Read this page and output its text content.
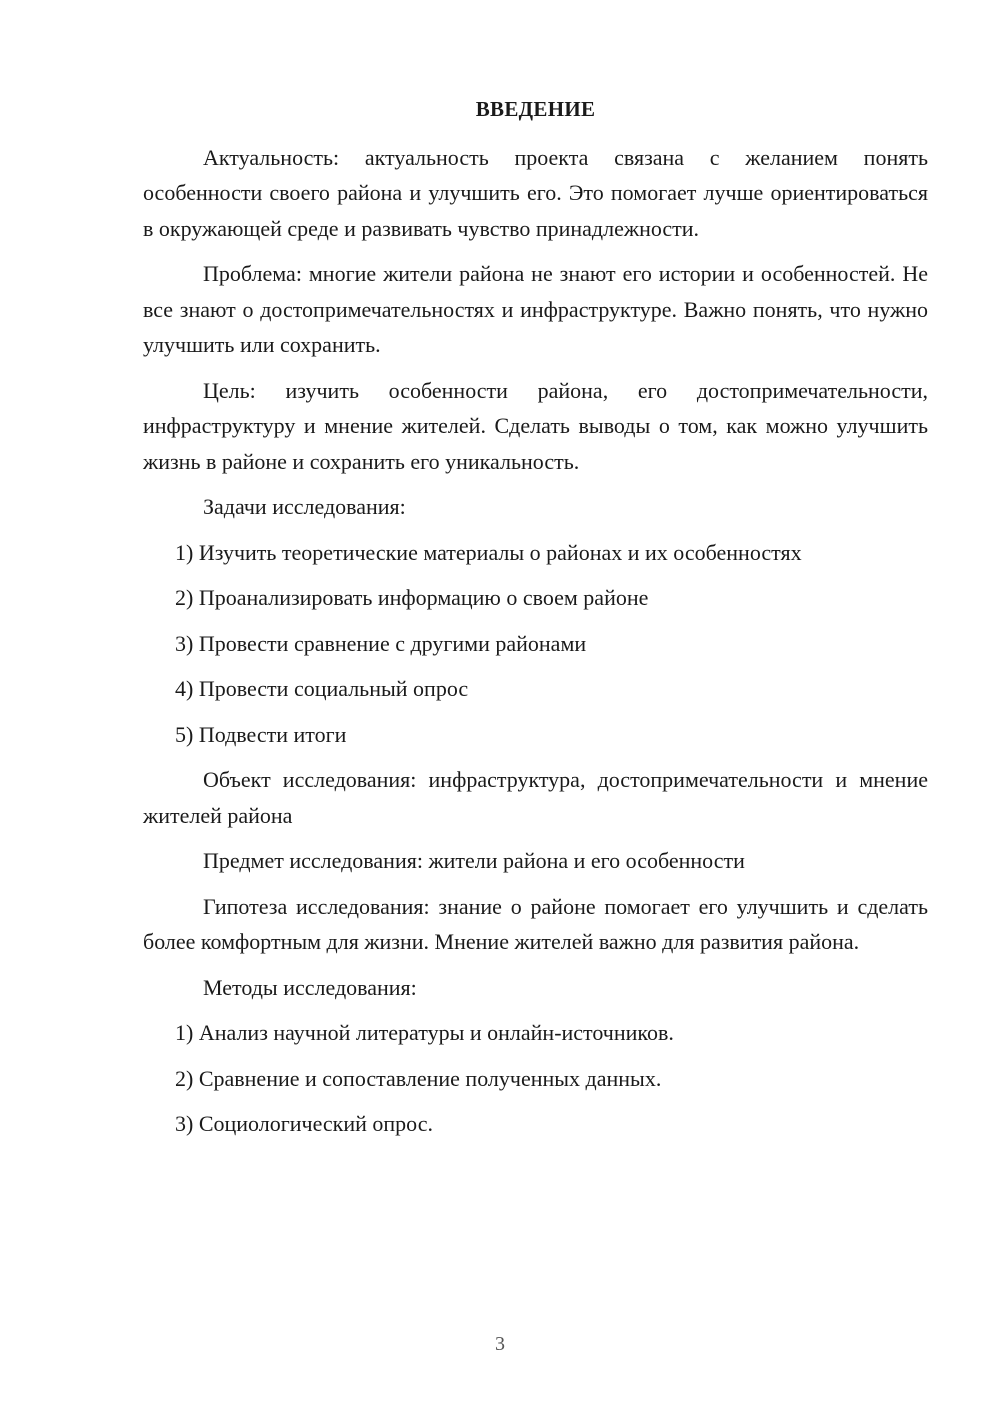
ВВЕДЕНИЕ

Актуальность: актуальность проекта связана с желанием понять особенности своего района и улучшить его. Это помогает лучше ориентироваться в окружающей среде и развивать чувство принадлежности.

Проблема: многие жители района не знают его истории и особенностей. Не все знают о достопримечательностях и инфраструктуре. Важно понять, что нужно улучшить или сохранить.

Цель: изучить особенности района, его достопримечательности, инфраструктуру и мнение жителей. Сделать выводы о том, как можно улучшить жизнь в районе и сохранить его уникальность.

Задачи исследования:

1) Изучить теоретические материалы о районах и их особенностях
2) Проанализировать информацию о своем районе
3) Провести сравнение с другими районами
4) Провести социальный опрос
5) Подвести итоги

Объект исследования: инфраструктура, достопримечательности и мнение жителей района

Предмет исследования: жители района и его особенности

Гипотеза исследования: знание о районе помогает его улучшить и сделать более комфортным для жизни. Мнение жителей важно для развития района.

Методы исследования:

1) Анализ научной литературы и онлайн-источников.
2) Сравнение и сопоставление полученных данных.
3) Социологический опрос.
3
